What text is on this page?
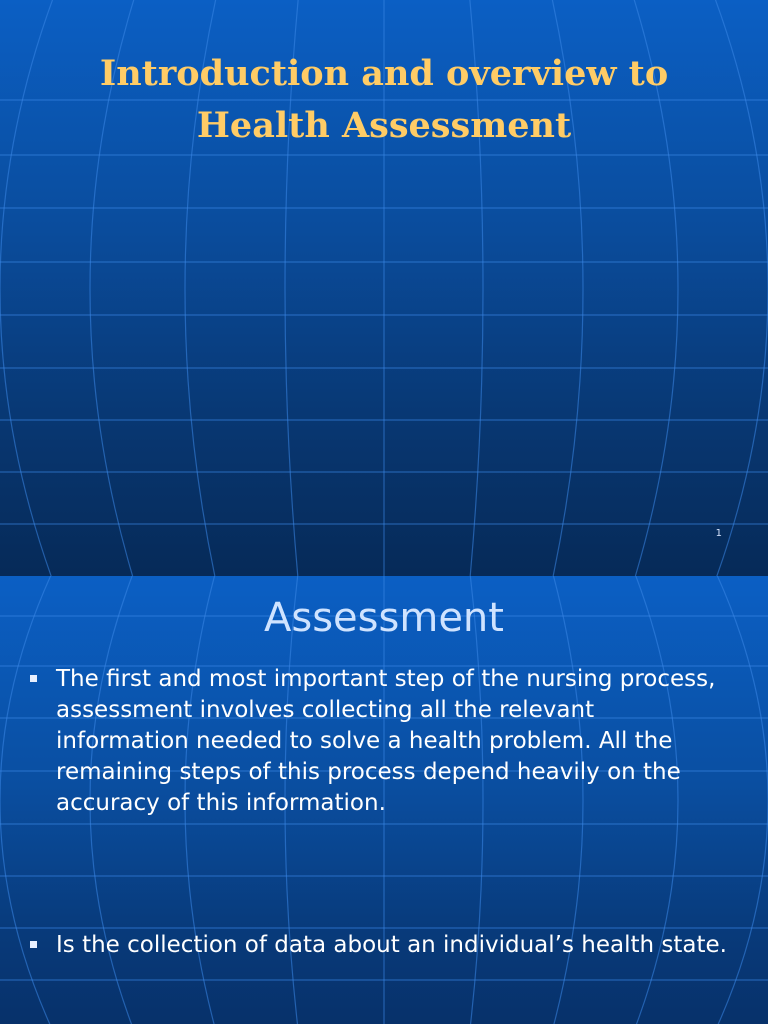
Introduction and overview to
Health Assessment
1
Assessment
The first and most important step of the nursing process, assessment involves collecting all the relevant information needed to solve a health problem. All the remaining steps of this process depend heavily on the accuracy of this information.
Is the collection of data about an individual’s health state.
